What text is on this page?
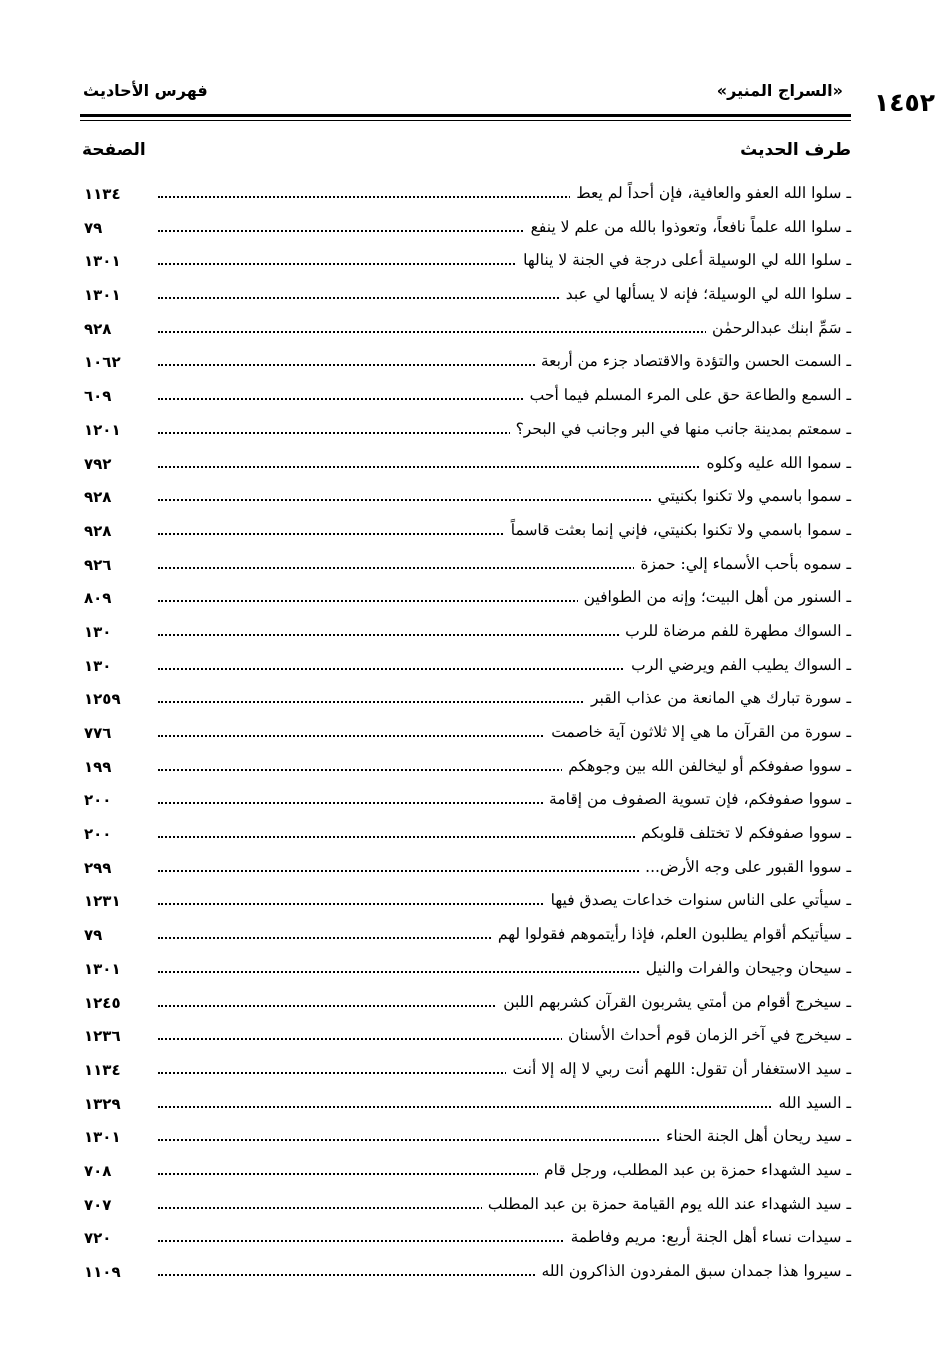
١٤٥٢
«السراج المنير»
فهرس الأحاديث
طرف الحديث
الصفحة
ـ سلوا الله العفو والعافية، فإن أحداً لم يعط
١١٣٤
ـ سلوا الله علماً نافعاً، وتعوذوا بالله من علم لا ينفع
٧٩
ـ سلوا الله لي الوسيلة أعلى درجة في الجنة لا ينالها
١٣٠١
ـ سلوا الله لي الوسيلة؛ فإنه لا يسألها لي عبد
١٣٠١
ـ سَمِّ ابنك عبدالرحمٰن
٩٢٨
ـ السمت الحسن والتؤدة والاقتصاد جزء من أربعة
١٠٦٢
ـ السمع والطاعة حق على المرء المسلم فيما أحب
٦٠٩
ـ سمعتم بمدينة جانب منها في البر وجانب في البحر؟
١٢٠١
ـ سموا الله عليه وكلوه
٧٩٢
ـ سموا باسمي ولا تكنوا بكنيتي
٩٢٨
ـ سموا باسمي ولا تكنوا بكنيتي، فإني إنما بعثت قاسماً
٩٢٨
ـ سموه بأحب الأسماء إلي: حمزة
٩٢٦
ـ السنور من أهل البيت؛ وإنه من الطوافين
٨٠٩
ـ السواك مطهرة للفم مرضاة للرب
١٣٠
ـ السواك يطيب الفم ويرضي الرب
١٣٠
ـ سورة تبارك هي المانعة من عذاب القبر
١٢٥٩
ـ سورة من القرآن ما هي إلا ثلاثون آية خاصمت
٧٧٦
ـ سووا صفوفكم أو ليخالفن الله بين وجوهكم
١٩٩
ـ سووا صفوفكم، فإن تسوية الصفوف من إقامة
٢٠٠
ـ سووا صفوفكم لا تختلف قلوبكم
٢٠٠
ـ سووا القبور على وجه الأرض...
٢٩٩
ـ سيأتي على الناس سنوات خداعات يصدق فيها
١٢٣١
ـ سيأتيكم أقوام يطلبون العلم، فإذا رأيتموهم فقولوا لهم
٧٩
ـ سيحان وجيحان والفرات والنيل
١٣٠١
ـ سيخرج أقوام من أمتي يشربون القرآن كشربهم اللبن
١٢٤٥
ـ سيخرج في آخر الزمان قوم أحداث الأسنان
١٢٣٦
ـ سيد الاستغفار أن تقول: اللهم أنت ربي لا إله إلا أنت
١١٣٤
ـ السيد الله
١٣٢٩
ـ سيد ريحان أهل الجنة الحناء
١٣٠١
ـ سيد الشهداء حمزة بن عبد المطلب، ورجل قام
٧٠٨
ـ سيد الشهداء عند الله يوم القيامة حمزة بن عبد المطلب
٧٠٧
ـ سيدات نساء أهل الجنة أربع: مريم وفاطمة
٧٢٠
ـ سيروا هذا جمدان سبق المفردون الذاكرون الله
١١٠٩
